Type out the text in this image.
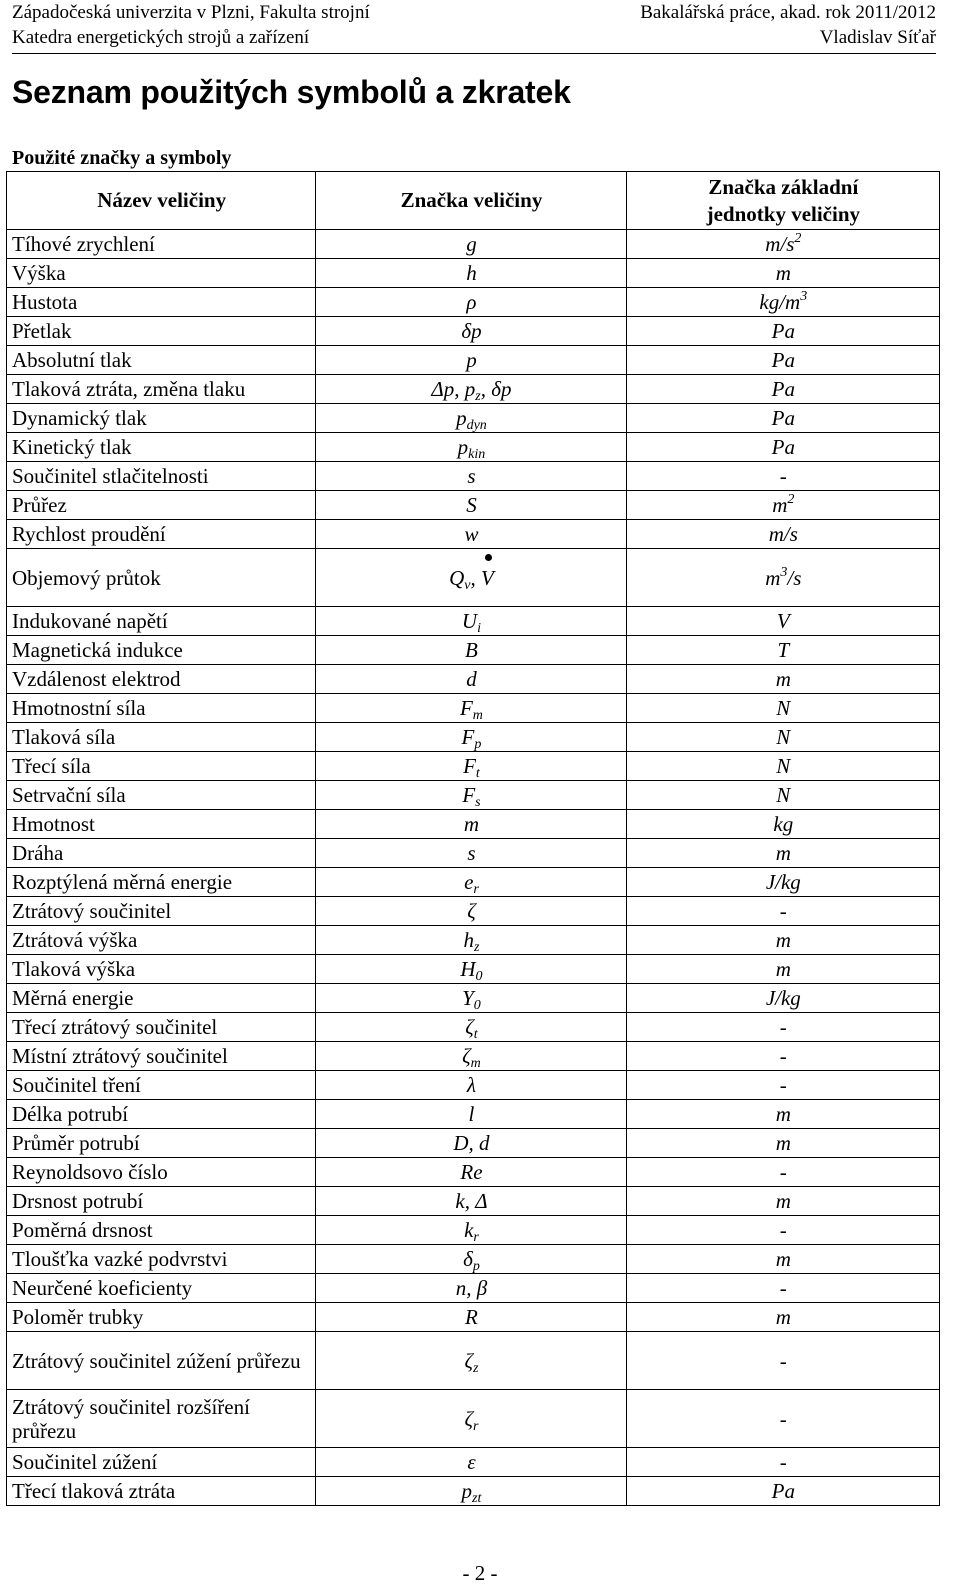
Západočeská univerzita v Plzni, Fakulta strojní	Bakalářská práce, akad. rok 2011/2012
Katedra energetických strojů a zařízení	Vladislav Síťař
Seznam použitých symbolů a zkratek
Použité značky a symboly
Název veličiny	Značka veličiny	Značka základní
jednotky veličiny
Tíhové zrychlení	g	$m/s^2$
Výška	h	m
Hustota	ρ	$kg/m^3$
Přetlak	δp	Pa
Absolutní tlak	p	Pa
Tlaková ztráta, změna tlaku	Δp, $p_z$, δp	Pa
Dynamický tlak	$p_{dyn}$	Pa
Kinetický tlak	$p_{kin}$	Pa
Součinitel stlačitelnosti	s	-
Průřez	S	$m^2$
Rychlost proudění	w	m/s
Objemový průtok	$Q_v$, V	$m^3/s$
Indukované napětí	$U_i$	V
Magnetická indukce	B	T
Vzdálenost elektrod	d	m
Hmotnostní síla	$F_m$	N
Tlaková síla	$F_p$	N
Třecí síla	$F_t$	N
Setrvační síla	$F_s$	N
Hmotnost	m	kg
Dráha	s	m
Rozptýlená měrná energie	$e_r$	J/kg
Ztrátový součinitel	ζ	-
Ztrátová výška	$h_z$	m
Tlaková výška	$H_0$	m
Měrná energie	$Y_0$	J/kg
Třecí ztrátový součinitel	$\zeta_t$	-
Místní ztrátový součinitel	$\zeta_m$	-
Součinitel tření	λ	-
Délka potrubí	l	m
Průměr potrubí	D, d	m
Reynoldsovo číslo	Re	-
Drsnost potrubí	k, Δ	m
Poměrná drsnost	$k_r$	-
Tloušťka vazké podvrstvi	$\delta_p$	m
Neurčené koeficienty	n, β	-
Poloměr trubky	R	m
Ztrátový součinitel zúžení průřezu	$\zeta_z$	-
Ztrátový součinitel rozšíření průřezu	$\zeta_r$	-
Součinitel zúžení	ε	-
Třecí tlaková ztráta	$p_{zt}$	Pa
- 2 -
